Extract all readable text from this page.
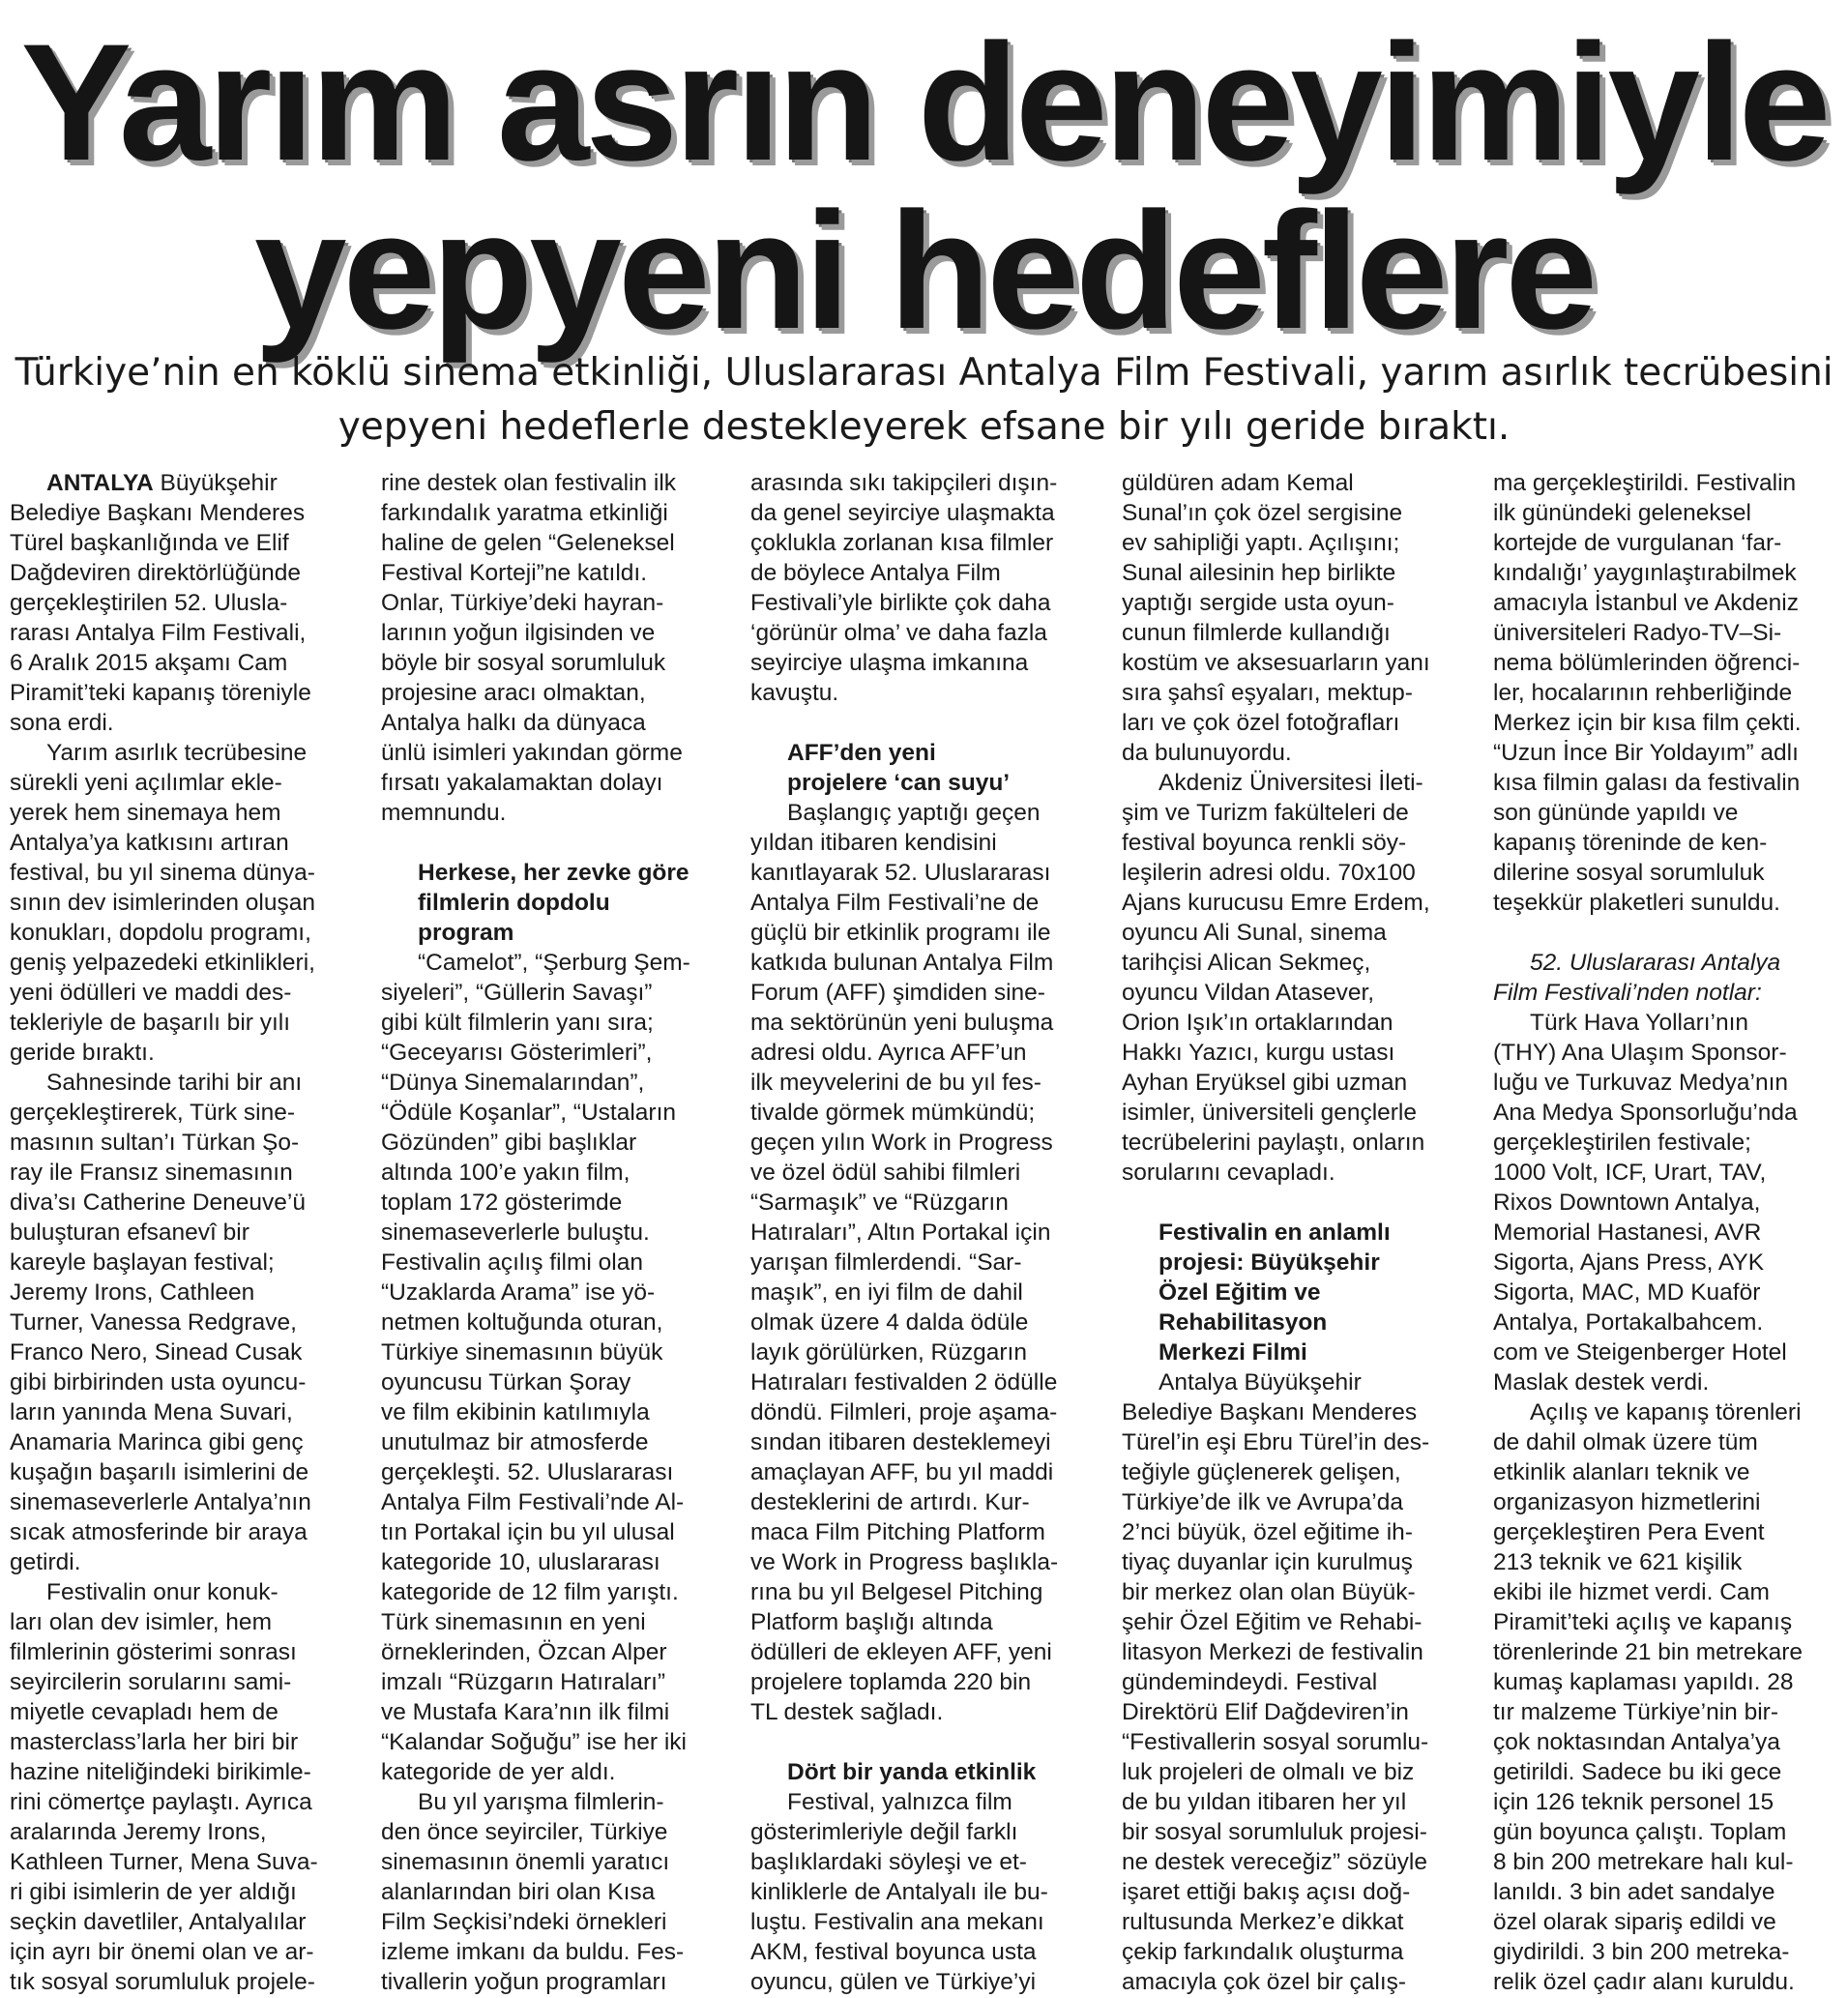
Yarım asrın deneyimiyle
yepyeni hedeflere
Türkiye’nin en köklü sinema etkinliği, Uluslararası Antalya Film Festivali, yarım asırlık tecrübesini
yepyeni hedeflerle destekleyerek efsane bir yılı geride bıraktı.
ANTALYA Büyükşehir
Belediye Başkanı Menderes
Türel başkanlığında ve Elif
Dağdeviren direktörlüğünde
gerçekleştirilen 52. Ulusla-
rarası Antalya Film Festivali,
6 Aralık 2015 akşamı Cam
Piramit’teki kapanış töreniyle
sona erdi.
Yarım asırlık tecrübesine
sürekli yeni açılımlar ekle-
yerek hem sinemaya hem
Antalya’ya katkısını artıran
festival, bu yıl sinema dünya-
sının dev isimlerinden oluşan
konukları, dopdolu programı,
geniş yelpazedeki etkinlikleri,
yeni ödülleri ve maddi des-
tekleriyle de başarılı bir yılı
geride bıraktı.
Sahnesinde tarihi bir anı
gerçekleştirerek, Türk sine-
masının sultan’ı Türkan Şo-
ray ile Fransız sinemasının
diva’sı Catherine Deneuve’ü
buluşturan efsanevî bir
kareyle başlayan festival;
Jeremy Irons, Cathleen
Turner, Vanessa Redgrave,
Franco Nero, Sinead Cusak
gibi birbirinden usta oyuncu-
ların yanında Mena Suvari,
Anamaria Marinca gibi genç
kuşağın başarılı isimlerini de
sinemaseverlerle Antalya’nın
sıcak atmosferinde bir araya
getirdi.
Festivalin onur konuk-
ları olan dev isimler, hem
filmlerinin gösterimi sonrası
seyircilerin sorularını sami-
miyetle cevapladı hem de
masterclass’larla her biri bir
hazine niteliğindeki birikimle-
rini cömertçe paylaştı. Ayrıca
aralarında Jeremy Irons,
Kathleen Turner, Mena Suva-
ri gibi isimlerin de yer aldığı
seçkin davetliler, Antalyalılar
için ayrı bir önemi olan ve ar-
tık sosyal sorumluluk projele-
rine destek olan festivalin ilk
farkındalık yaratma etkinliği
haline de gelen “Geleneksel
Festival Korteji”ne katıldı.
Onlar, Türkiye’deki hayran-
larının yoğun ilgisinden ve
böyle bir sosyal sorumluluk
projesine aracı olmaktan,
Antalya halkı da dünyaca
ünlü isimleri yakından görme
fırsatı yakalamaktan dolayı
memnundu.
Herkese, her zevke göre
filmlerin dopdolu
program
“Camelot”, “Şerburg Şem-
siyeleri”, “Güllerin Savaşı”
gibi kült filmlerin yanı sıra;
“Geceyarısı Gösterimleri”,
“Dünya Sinemalarından”,
“Ödüle Koşanlar”, “Ustaların
Gözünden” gibi başlıklar
altında 100’e yakın film,
toplam 172 gösterimde
sinemaseverlerle buluştu.
Festivalin açılış filmi olan
“Uzaklarda Arama” ise yö-
netmen koltuğunda oturan,
Türkiye sinemasının büyük
oyuncusu Türkan Şoray
ve film ekibinin katılımıyla
unutulmaz bir atmosferde
gerçekleşti. 52. Uluslararası
Antalya Film Festivali’nde Al-
tın Portakal için bu yıl ulusal
kategoride 10, uluslararası
kategoride de 12 film yarıştı.
Türk sinemasının en yeni
örneklerinden, Özcan Alper
imzalı “Rüzgarın Hatıraları”
ve Mustafa Kara’nın ilk filmi
“Kalandar Soğuğu” ise her iki
kategoride de yer aldı.
Bu yıl yarışma filmlerin-
den önce seyirciler, Türkiye
sinemasının önemli yaratıcı
alanlarından biri olan Kısa
Film Seçkisi’ndeki örnekleri
izleme imkanı da buldu. Fes-
tivallerin yoğun programları
arasında sıkı takipçileri dışın-
da genel seyirciye ulaşmakta
çoklukla zorlanan kısa filmler
de böylece Antalya Film
Festivali’yle birlikte çok daha
‘görünür olma’ ve daha fazla
seyirciye ulaşma imkanına
kavuştu.
AFF’den yeni
projelere ‘can suyu’
Başlangıç yaptığı geçen
yıldan itibaren kendisini
kanıtlayarak 52. Uluslararası
Antalya Film Festivali’ne de
güçlü bir etkinlik programı ile
katkıda bulunan Antalya Film
Forum (AFF) şimdiden sine-
ma sektörünün yeni buluşma
adresi oldu. Ayrıca AFF’un
ilk meyvelerini de bu yıl fes-
tivalde görmek mümkündü;
geçen yılın Work in Progress
ve özel ödül sahibi filmleri
“Sarmaşık” ve “Rüzgarın
Hatıraları”, Altın Portakal için
yarışan filmlerdendi. “Sar-
maşık”, en iyi film de dahil
olmak üzere 4 dalda ödüle
layık görülürken, Rüzgarın
Hatıraları festivalden 2 ödülle
döndü. Filmleri, proje aşama-
sından itibaren desteklemeyi
amaçlayan AFF, bu yıl maddi
desteklerini de artırdı. Kur-
maca Film Pitching Platform
ve Work in Progress başlıkla-
rına bu yıl Belgesel Pitching
Platform başlığı altında
ödülleri de ekleyen AFF, yeni
projelere toplamda 220 bin
TL destek sağladı.
Dört bir yanda etkinlik
Festival, yalnızca film
gösterimleriyle değil farklı
başlıklardaki söyleşi ve et-
kinliklerle de Antalyalı ile bu-
luştu. Festivalin ana mekanı
AKM, festival boyunca usta
oyuncu, gülen ve Türkiye’yi
güldüren adam Kemal
Sunal’ın çok özel sergisine
ev sahipliği yaptı. Açılışını;
Sunal ailesinin hep birlikte
yaptığı sergide usta oyun-
cunun filmlerde kullandığı
kostüm ve aksesuarların yanı
sıra şahsî eşyaları, mektup-
ları ve çok özel fotoğrafları
da bulunuyordu.
Akdeniz Üniversitesi İleti-
şim ve Turizm fakülteleri de
festival boyunca renkli söy-
leşilerin adresi oldu. 70x100
Ajans kurucusu Emre Erdem,
oyuncu Ali Sunal, sinema
tarihçisi Alican Sekmeç,
oyuncu Vildan Atasever,
Orion Işık’ın ortaklarından
Hakkı Yazıcı, kurgu ustası
Ayhan Eryüksel gibi uzman
isimler, üniversiteli gençlerle
tecrübelerini paylaştı, onların
sorularını cevapladı.
Festivalin en anlamlı
projesi: Büyükşehir
Özel Eğitim ve
Rehabilitasyon
Merkezi Filmi
Antalya Büyükşehir
Belediye Başkanı Menderes
Türel’in eşi Ebru Türel’in des-
teğiyle güçlenerek gelişen,
Türkiye’de ilk ve Avrupa’da
2’nci büyük, özel eğitime ih-
tiyaç duyanlar için kurulmuş
bir merkez olan olan Büyük-
şehir Özel Eğitim ve Rehabi-
litasyon Merkezi de festivalin
gündemindeydi. Festival
Direktörü Elif Dağdeviren’in
“Festivallerin sosyal sorumlu-
luk projeleri de olmalı ve biz
de bu yıldan itibaren her yıl
bir sosyal sorumluluk projesi-
ne destek vereceğiz” sözüyle
işaret ettiği bakış açısı doğ-
rultusunda Merkez’e dikkat
çekip farkındalık oluşturma
amacıyla çok özel bir çalış-
ma gerçekleştirildi. Festivalin
ilk günündeki geleneksel
kortejde de vurgulanan ‘far-
kındalığı’ yaygınlaştırabilmek
amacıyla İstanbul ve Akdeniz
üniversiteleri Radyo-TV–Si-
nema bölümlerinden öğrenci-
ler, hocalarının rehberliğinde
Merkez için bir kısa film çekti.
“Uzun İnce Bir Yoldayım” adlı
kısa filmin galası da festivalin
son gününde yapıldı ve
kapanış töreninde de ken-
dilerine sosyal sorumluluk
teşekkür plaketleri sunuldu.
52. Uluslararası Antalya
Film Festivali’nden notlar:
Türk Hava Yolları’nın
(THY) Ana Ulaşım Sponsor-
luğu ve Turkuvaz Medya’nın
Ana Medya Sponsorluğu’nda
gerçekleştirilen festivale;
1000 Volt, ICF, Urart, TAV,
Rixos Downtown Antalya,
Memorial Hastanesi, AVR
Sigorta, Ajans Press, AYK
Sigorta, MAC, MD Kuaför
Antalya, Portakalbahcem.
com ve Steigenberger Hotel
Maslak destek verdi.
Açılış ve kapanış törenleri
de dahil olmak üzere tüm
etkinlik alanları teknik ve
organizasyon hizmetlerini
gerçekleştiren Pera Event
213 teknik ve 621 kişilik
ekibi ile hizmet verdi. Cam
Piramit’teki açılış ve kapanış
törenlerinde 21 bin metrekare
kumaş kaplaması yapıldı. 28
tır malzeme Türkiye’nin bir-
çok noktasından Antalya’ya
getirildi. Sadece bu iki gece
için 126 teknik personel 15
gün boyunca çalıştı. Toplam
8 bin 200 metrekare halı kul-
lanıldı. 3 bin adet sandalye
özel olarak sipariş edildi ve
giydirildi. 3 bin 200 metreka-
relik özel çadır alanı kuruldu.
